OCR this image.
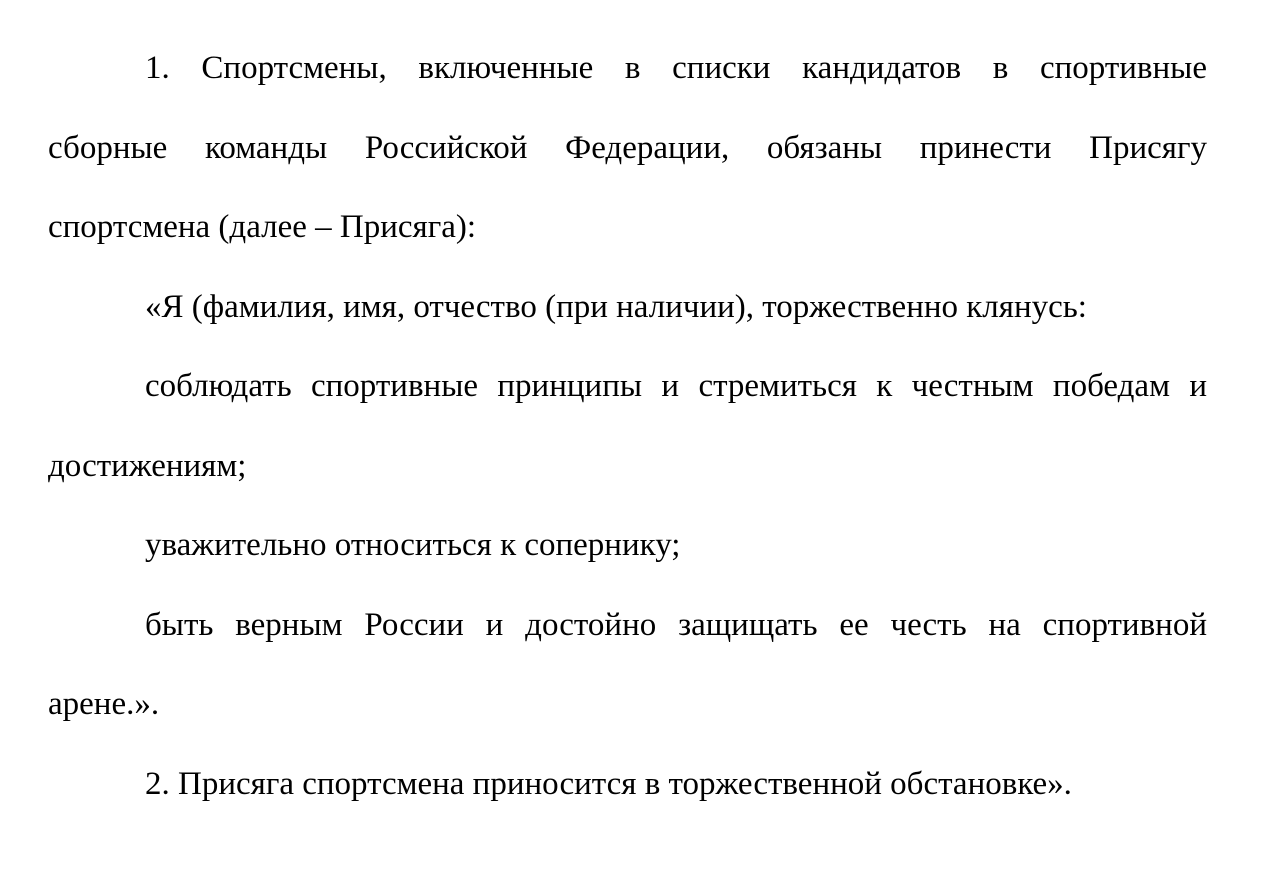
1. Спортсмены, включенные в списки кандидатов в спортивные
сборные команды Российской Федерации, обязаны принести Присягу
спортсмена (далее – Присяга):
«Я (фамилия, имя, отчество (при наличии), торжественно клянусь:
соблюдать спортивные принципы и стремиться к честным победам и
достижениям;
уважительно относиться к сопернику;
быть верным России и достойно защищать ее честь на спортивной
арене.».
2. Присяга спортсмена приносится в торжественной обстановке».
